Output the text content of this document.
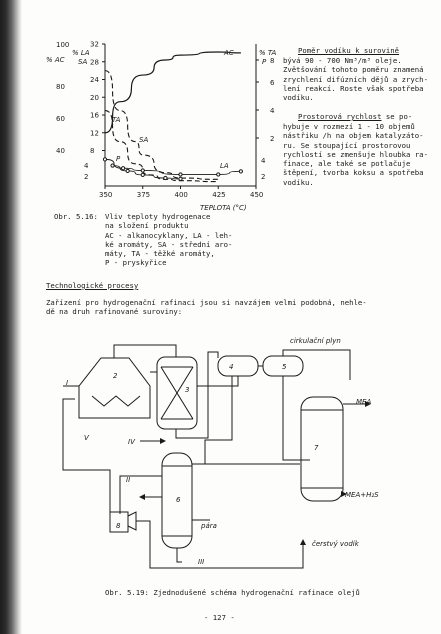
350	375	400	425	450
8
12
16
20
24
28
32
40
60
80
100
2
4
2
4
6
8
2
4
% AC
% LA
SA
% TA
P
TEPLOTA (°C)
AC
SA
TA
LA
P
Obr. 5.16: Vliv teploty hydrogenace
na složení produktu
AC - alkanocyklany, LA - leh-
ké aromáty, SA - střední aro-
máty, TA - těžké aromáty,
P - pryskyřice
Poměr vodíku k surovině
bývá 90 - 700 Nm³/m³ oleje.
Zvětšování tohoto poměru znamená
zrychlení difúzních dějů a zrych-
lení reakcí. Roste však spotřeba
vodíku.
Prostorová rychlost se po-
hybuje v rozmezí 1 - 10 objemů
nástřiku /h na objem katalyzáto-
ru. Se stoupající prostorovou
rychlostí se zmenšuje hloubka ra-
finace, ale také se potlačuje
štěpení, tvorba koksu a spotřeba
vodíku.
Technologické procesy
Zařízení pro hydrogenační rafinaci jsou si navzájem velmi podobná, nehle-
dě na druh rafinované suroviny:
2
3
4	5
6
7
8
cirkulační plyn
MEA
MEA+H₂S
pára
čerstvý vodík
I
II
III
IV
V
Obr. 5.19: Zjednodušené schéma hydrogenační rafinace olejů
- 127 -
